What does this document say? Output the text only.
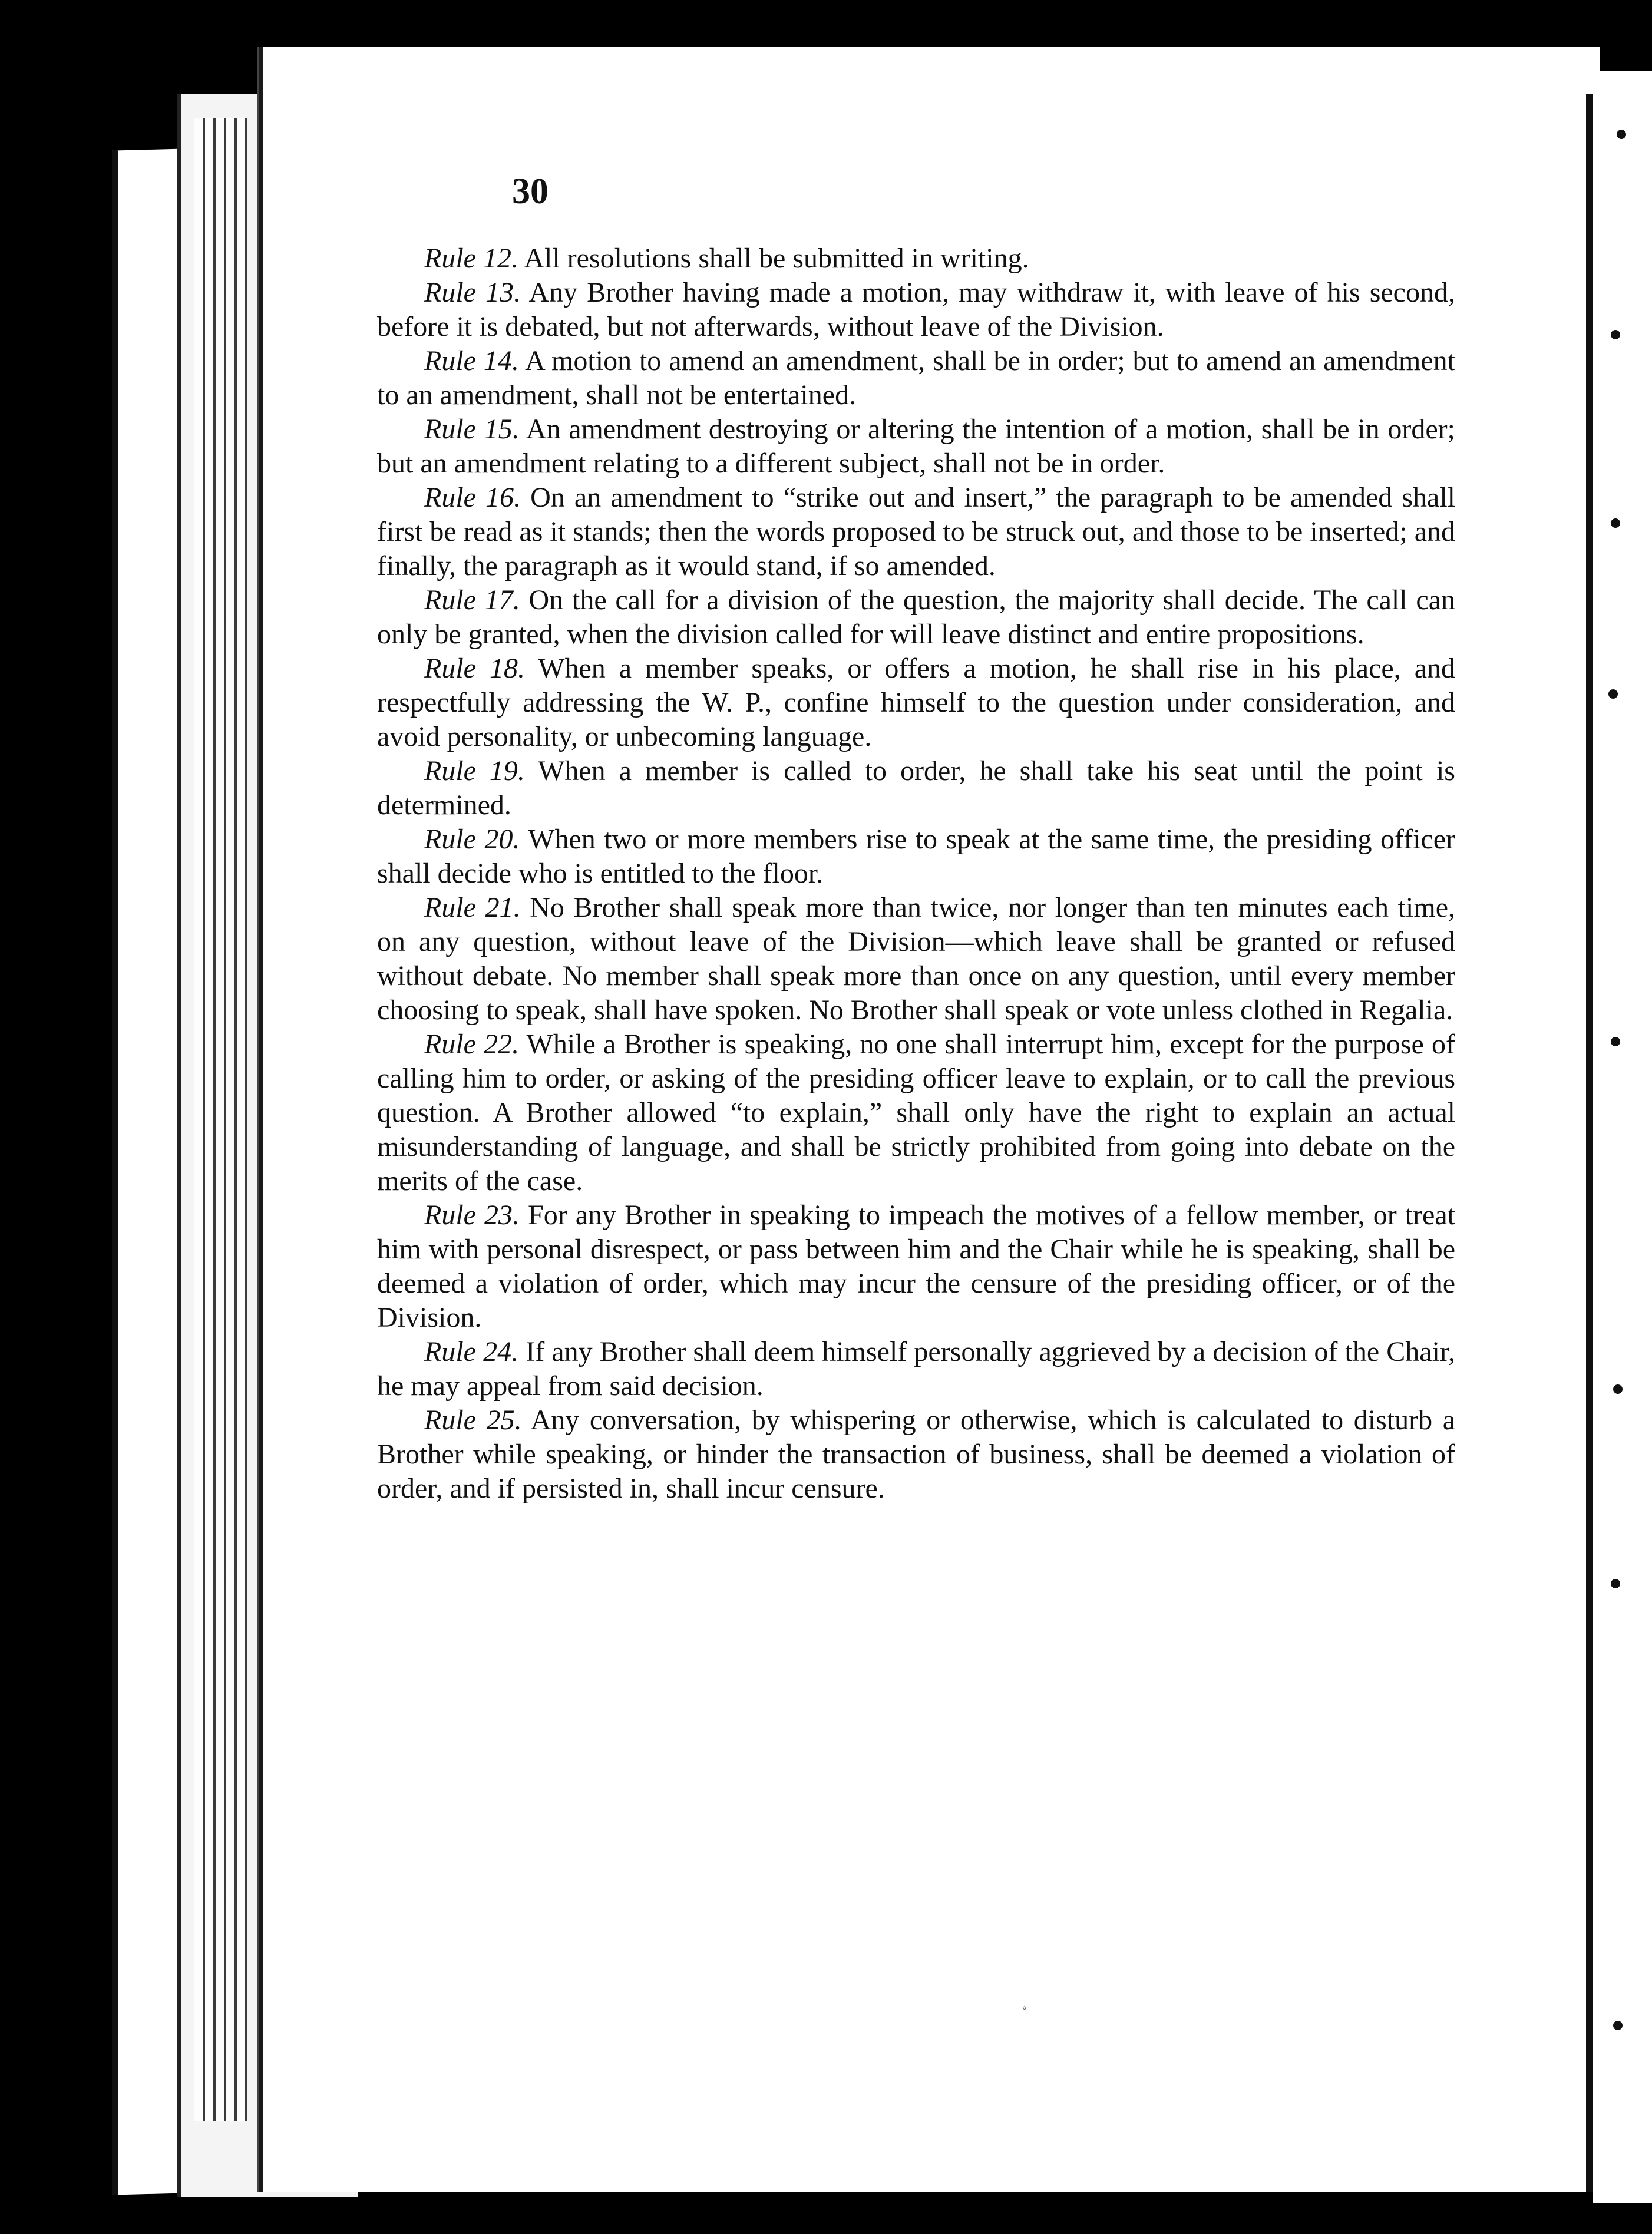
30

Rule 12. All resolutions shall be submitted in writing.

Rule 13. Any Brother having made a motion, may withdraw it, with leave of his second, before it is debated, but not afterwards, without leave of the Division.

Rule 14. A motion to amend an amendment, shall be in order; but to amend an amendment to an amendment, shall not be entertained.

Rule 15. An amendment destroying or altering the intention of a motion, shall be in order; but an amendment relating to a different subject, shall not be in order.

Rule 16. On an amendment to “strike out and insert,” the paragraph to be amended shall first be read as it stands; then the words proposed to be struck out, and those to be inserted; and finally, the paragraph as it would stand, if so amended.

Rule 17. On the call for a division of the question, the majority shall decide. The call can only be granted, when the division called for will leave distinct and entire propositions.

Rule 18. When a member speaks, or offers a motion, he shall rise in his place, and respectfully addressing the W. P., confine himself to the question under consideration, and avoid personality, or unbecoming language.

Rule 19. When a member is called to order, he shall take his seat until the point is determined.

Rule 20. When two or more members rise to speak at the same time, the presiding officer shall decide who is entitled to the floor.

Rule 21. No Brother shall speak more than twice, nor longer than ten minutes each time, on any question, without leave of the Division—which leave shall be granted or refused without debate. No member shall speak more than once on any question, until every member choosing to speak, shall have spoken. No Brother shall speak or vote unless clothed in Regalia.

Rule 22. While a Brother is speaking, no one shall interrupt him, except for the purpose of calling him to order, or asking of the presiding officer leave to explain, or to call the previous question. A Brother allowed “to explain,” shall only have the right to explain an actual misunderstanding of language, and shall be strictly prohibited from going into debate on the merits of the case.

Rule 23. For any Brother in speaking to impeach the motives of a fellow member, or treat him with personal disrespect, or pass between him and the Chair while he is speaking, shall be deemed a violation of order, which may incur the censure of the presiding officer, or of the Division.

Rule 24. If any Brother shall deem himself personally aggrieved by a decision of the Chair, he may appeal from said decision.

Rule 25. Any conversation, by whispering or otherwise, which is calculated to disturb a Brother while speaking, or hinder the transaction of business, shall be deemed a violation of order, and if persisted in, shall incur censure.

◦
